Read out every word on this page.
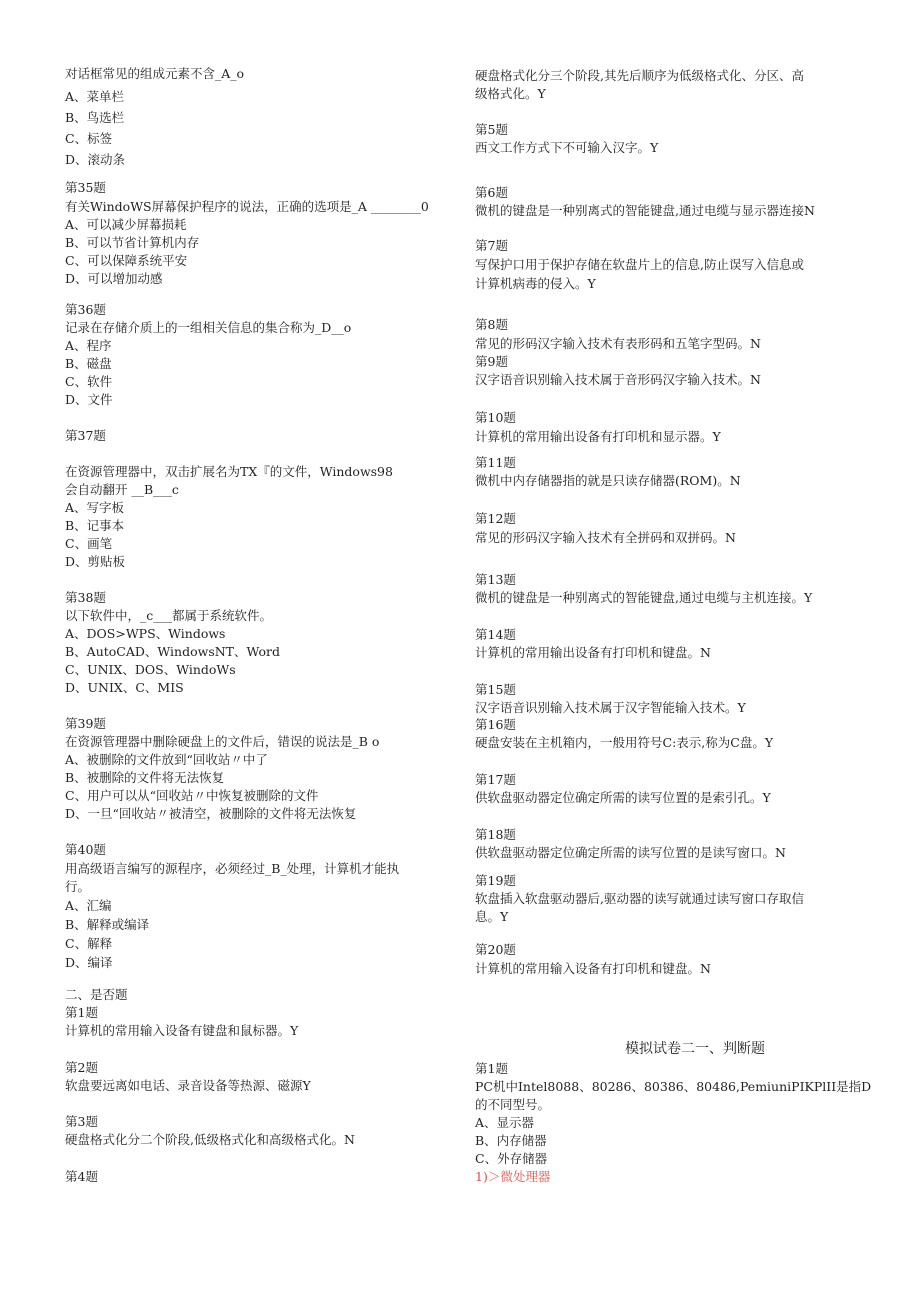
对话框常见的组成元素不含_A_o
A、菜单栏
B、鸟选栏
C、标签
D、滚动条
第35题
有关WindoWS屏幕保护程序的说法，正确的选项是_A ________0
A、可以减少屏幕损耗
B、可以节省计算机内存
C、可以保障系统平安
D、可以增加动感
第36题
记录在存储介质上的一组相关信息的集合称为_D__o
A、程序
B、磁盘
C、软件
D、文件
第37题
在资源管理器中，双击扩展名为TX『的文件，Windows98
会自动翻开 __B___c
A、写字板
B、记事本
C、画笔
D、剪贴板
第38题
以下软件中，_c___都属于系统软件。
A、DOS>WPS、Windows
B、AutoCAD、WindowsNT、Word
C、UNIX、DOS、WindoWs
D、UNIX、C、MIS
第39题
在资源管理器中删除硬盘上的文件后，错误的说法是_B o
A、被删除的文件放到“回收站〃中了
B、被删除的文件将无法恢复
C、用户可以从“回收站〃中恢复被删除的文件
D、一旦“回收站〃被清空，被删除的文件将无法恢复
第40题
用高级语言编写的源程序，必须经过_B_处理，计算机才能执
行。
A、汇编
B、解释或编译
C、解释
D、编译
二、是否题
第1题
计算机的常用输入设备有键盘和鼠标器。Y
第2题
软盘要远离如电话、录音设备等热源、磁源Y
第3题
硬盘格式化分二个阶段,低级格式化和高级格式化。N
第4题
硬盘格式化分三个阶段,其先后顺序为低级格式化、分区、高
级格式化。Y
第5题
西文工作方式下不可输入汉字。Y
第6题
微机的键盘是一种别离式的智能键盘,通过电缆与显示器连接N
第7题
写保护口用于保护存储在软盘片上的信息,防止误写入信息或
计算机病毒的侵入。Y
第8题
常见的形码汉字输入技术有表形码和五笔字型码。N
第9题
汉字语音识别输入技术属于音形码汉字输入技术。N
第10题
计算机的常用输出设备有打印机和显示器。Y
第11题
微机中内存储器指的就是只读存储器(ROM)。N
第12题
常见的形码汉字输入技术有全拼码和双拼码。N
第13题
微机的键盘是一种别离式的智能键盘,通过电缆与主机连接。Y
第14题
计算机的常用输出设备有打印机和键盘。N
第15题
汉字语音识别输入技术属于汉字智能输入技术。Y
第16题
硬盘安装在主机箱内，一般用符号C:表示,称为C盘。Y
第17题
供软盘驱动器定位确定所需的读写位置的是索引孔。Y
第18题
供软盘驱动器定位确定所需的读写位置的是读写窗口。N
第19题
软盘插入软盘驱动器后,驱动器的读写就通过读写窗口存取信
息。Y
第20题
计算机的常用输入设备有打印机和键盘。N
模拟试卷二一、判断题
第1题
PC机中Intel8088、80286、80386、80486,PemiuniPIKPlII是指D
的不同型号。
A、显示器
B、内存储器
C、外存储器
1)＞微处理器
